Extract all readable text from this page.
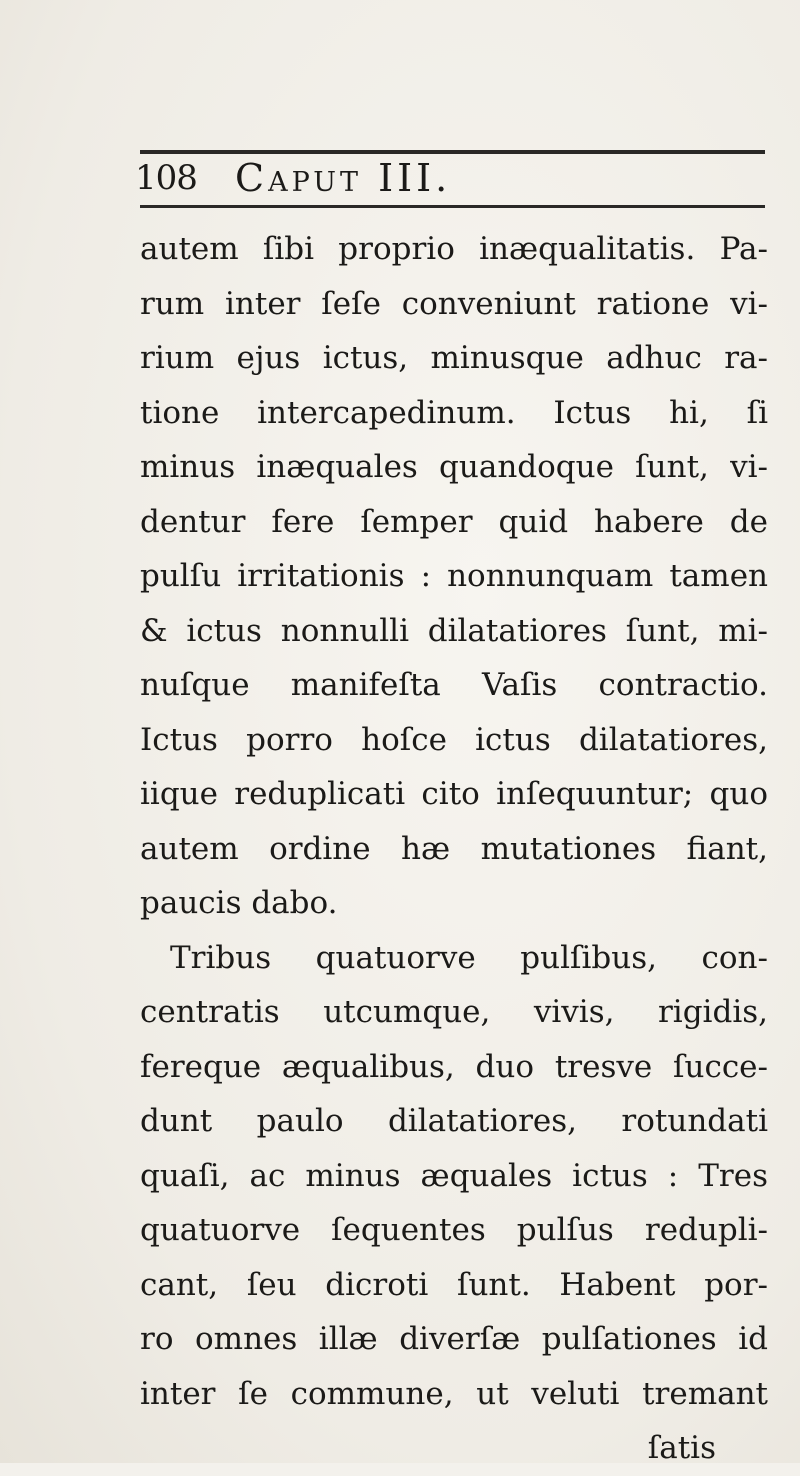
108 Caput III.
autem ſibi proprio inæqualitatis. Pa-
rum inter ſeſe conveniunt ratione vi-
rium ejus ictus, minusque adhuc ra-
tione intercapedinum. Ictus hi, ſi
minus inæquales quandoque ſunt, vi-
dentur fere ſemper quid habere de
pulſu irritationis : nonnunquam tamen
& ictus nonnulli dilatatiores ſunt, mi-
nuſque manifeſta Vaſis contractio.
Ictus porro hoſce ictus dilatatiores,
iique reduplicati cito inſequuntur; quo
autem ordine hæ mutationes fiant,
paucis dabo.
Tribus quatuorve pulſibus, con-
centratis utcumque, vivis, rigidis,
fereque æqualibus, duo tresve ſucce-
dunt paulo dilatatiores, rotundati
quaſi, ac minus æquales ictus : Tres
quatuorve ſequentes pulſus redupli-
cant, ſeu dicroti ſunt. Habent por-
ro omnes illæ diverſæ pulſationes id
inter ſe commune, ut veluti tremant
ſatis
